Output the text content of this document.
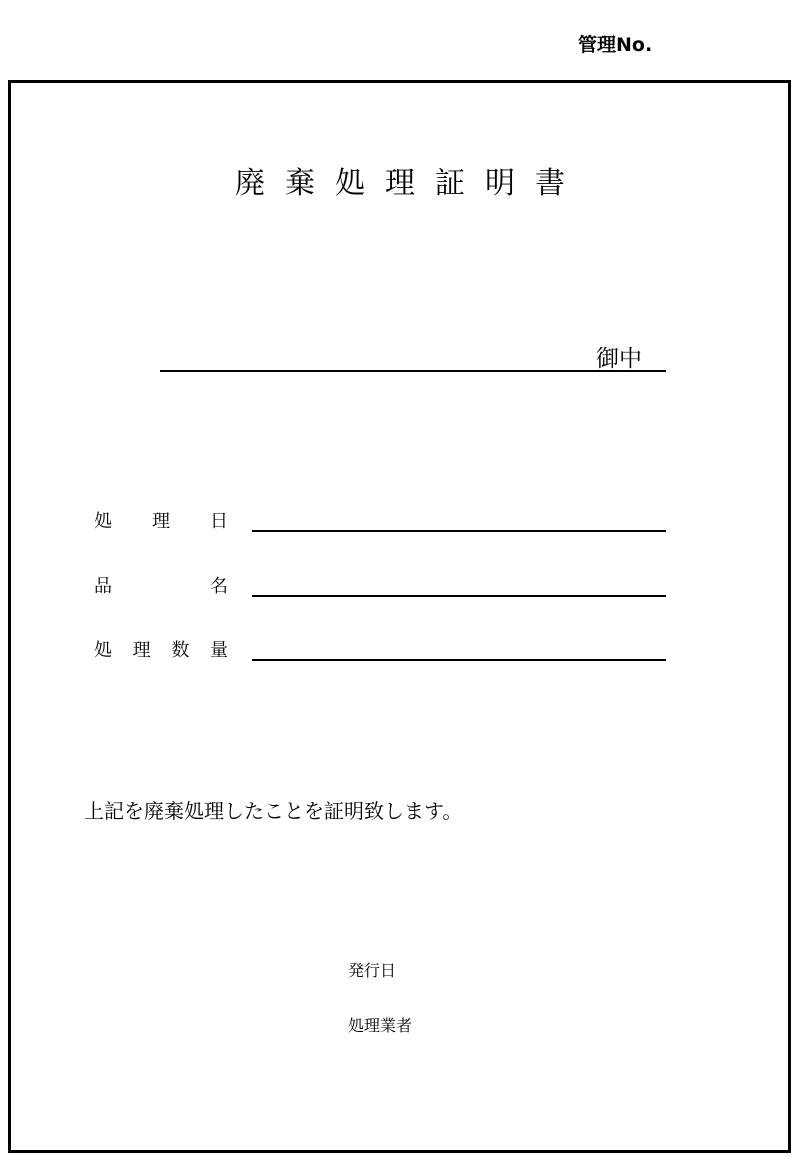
管理No.
廃棄処理証明書
御中
処 理 日
品	名
処 理 数 量
上記を廃棄処理したことを証明致します。
発行日
処理業者
